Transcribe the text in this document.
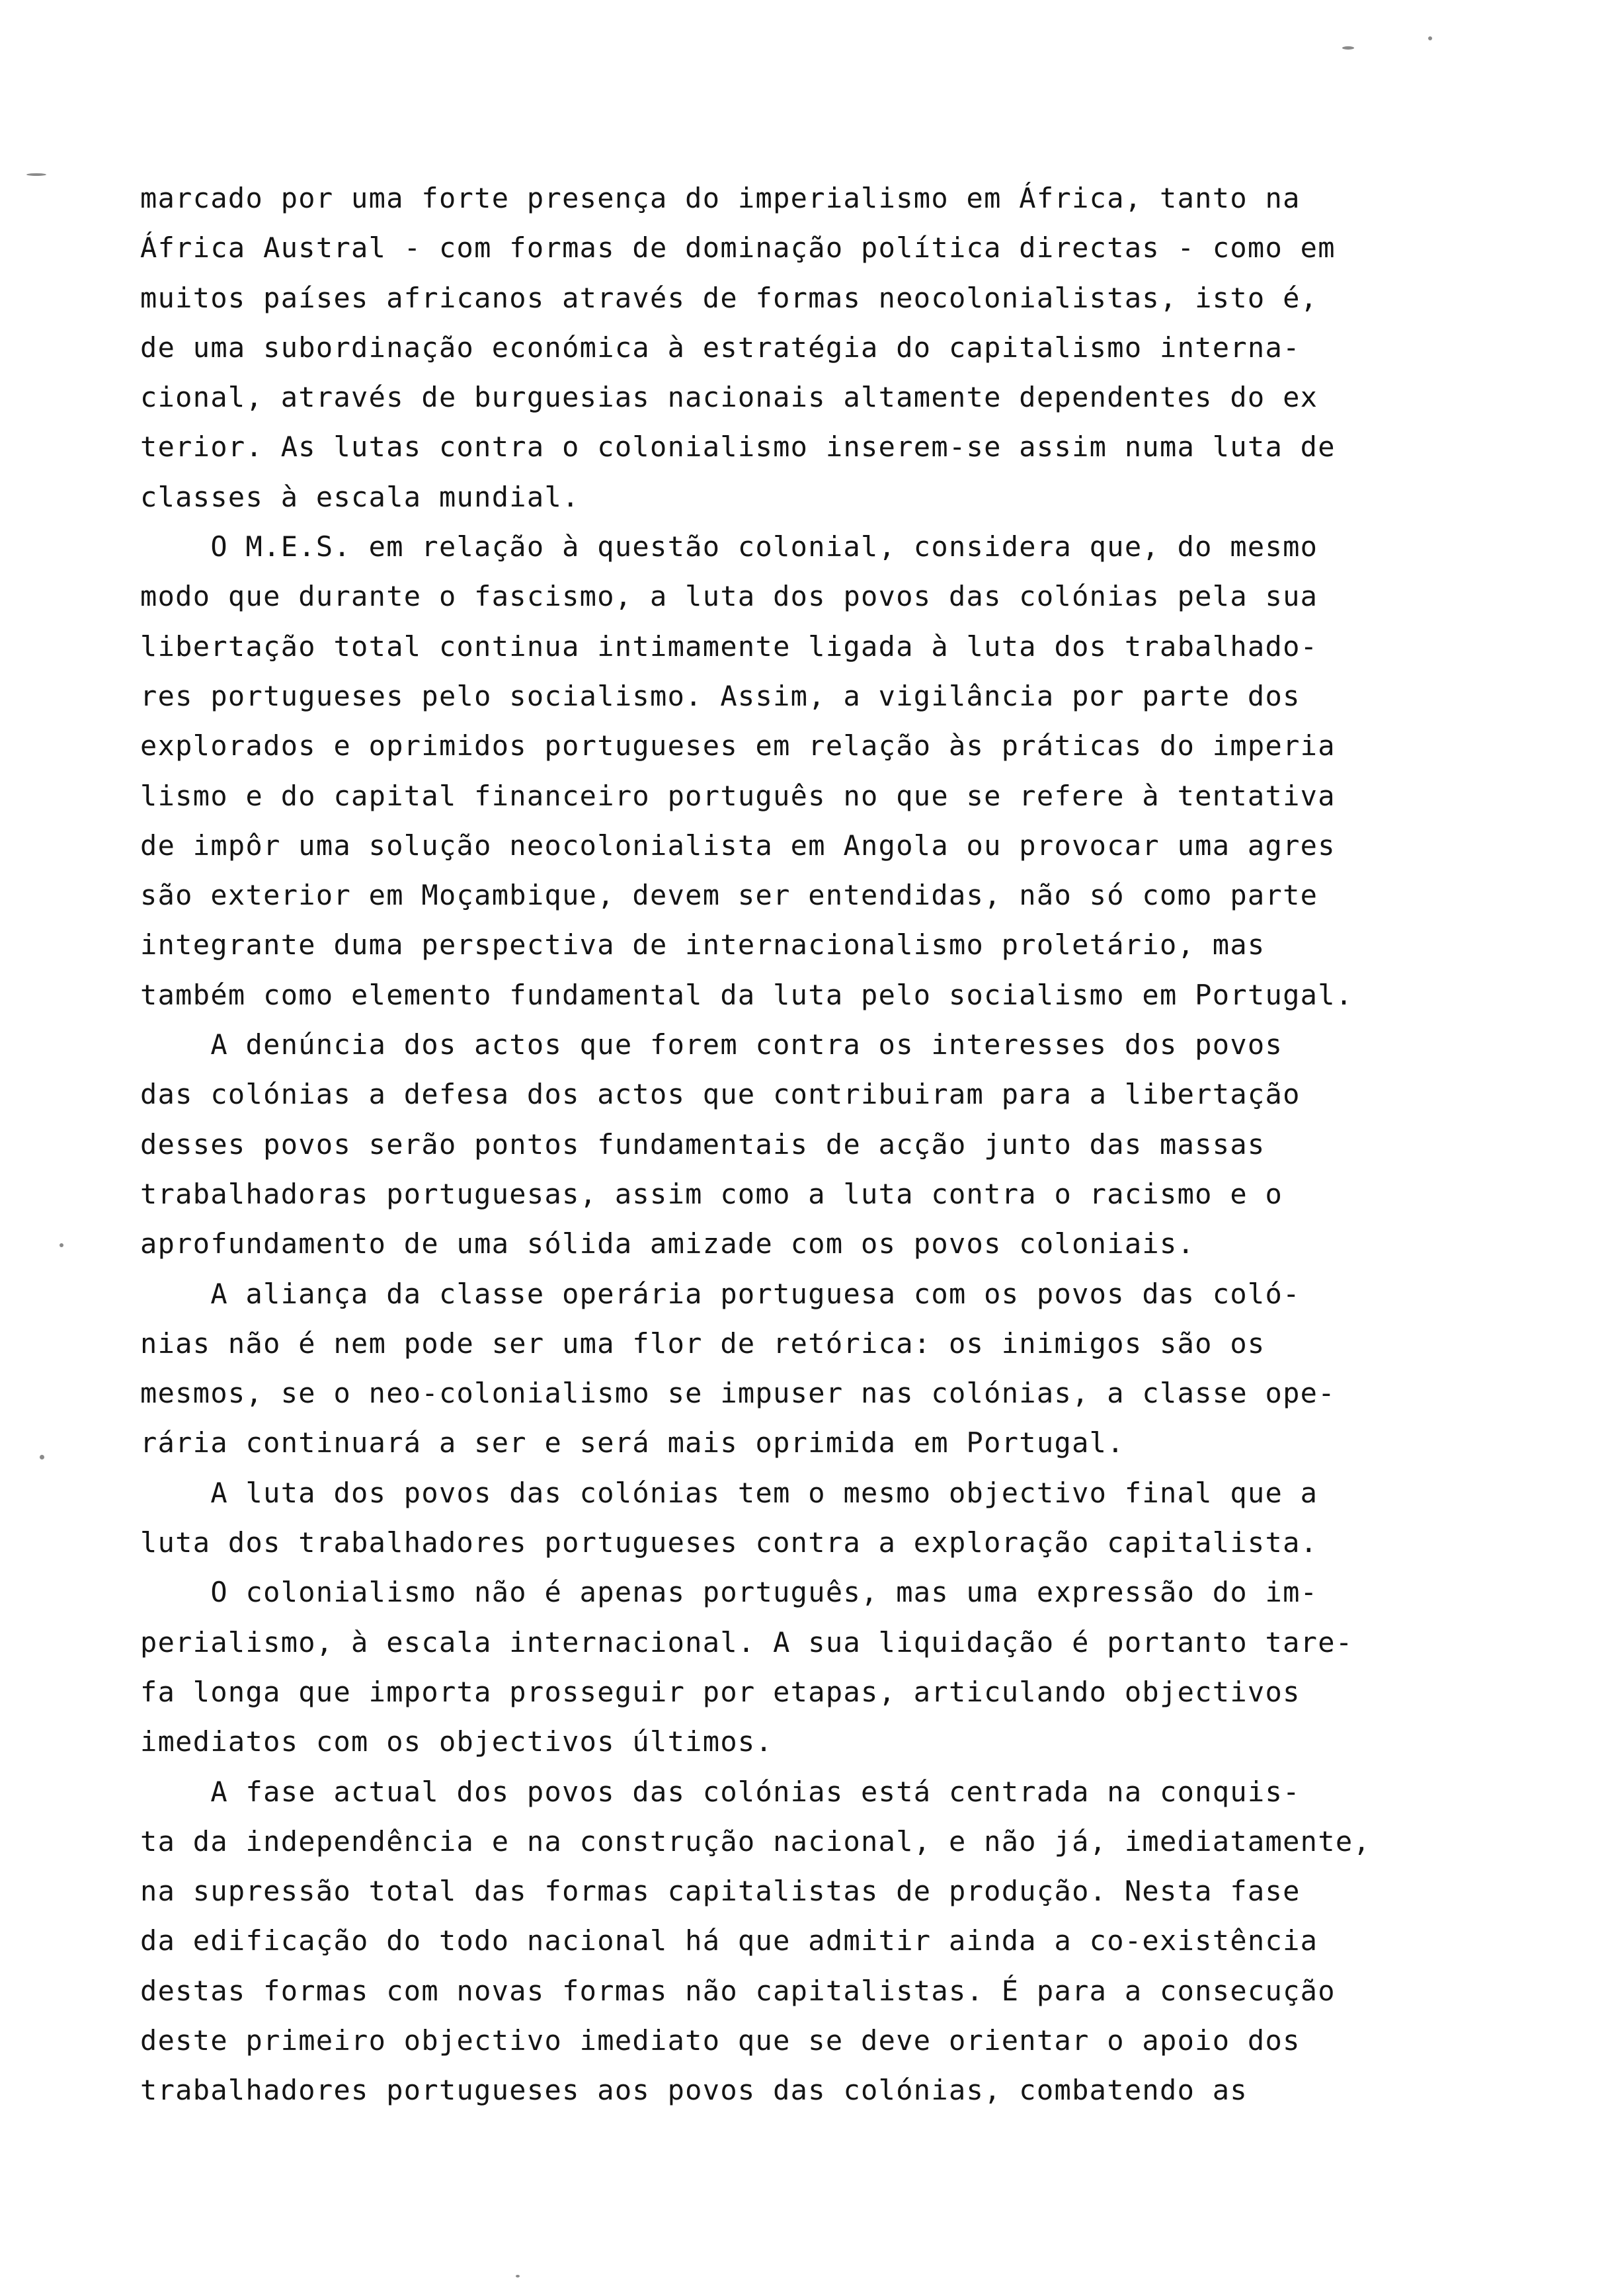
marcado por uma forte presença do imperialismo em África, tanto na
África Austral - com formas de dominação política directas - como em
muitos países africanos através de formas neocolonialistas, isto é,
de uma subordinação económica à estratégia do capitalismo interna-
cional, através de burguesias nacionais altamente dependentes do ex
terior. As lutas contra o colonialismo inserem-se assim numa luta de
classes à escala mundial.
O M.E.S. em relação à questão colonial, considera que, do mesmo
modo que durante o fascismo, a luta dos povos das colónias pela sua
libertação total continua intimamente ligada à luta dos trabalhado-
res portugueses pelo socialismo. Assim, a vigilância por parte dos
explorados e oprimidos portugueses em relação às práticas do imperia
lismo e do capital financeiro português no que se refere à tentativa
de impôr uma solução neocolonialista em Angola ou provocar uma agres
são exterior em Moçambique, devem ser entendidas, não só como parte
integrante duma perspectiva de internacionalismo proletário, mas
também como elemento fundamental da luta pelo socialismo em Portugal.
A denúncia dos actos que forem contra os interesses dos povos
das colónias a defesa dos actos que contribuiram para a libertação
desses povos serão pontos fundamentais de acção junto das massas
trabalhadoras portuguesas, assim como a luta contra o racismo e o
aprofundamento de uma sólida amizade com os povos coloniais.
A aliança da classe operária portuguesa com os povos das coló-
nias não é nem pode ser uma flor de retórica: os inimigos são os
mesmos, se o neo-colonialismo se impuser nas colónias, a classe ope-
rária continuará a ser e será mais oprimida em Portugal.
A luta dos povos das colónias tem o mesmo objectivo final que a
luta dos trabalhadores portugueses contra a exploração capitalista.
O colonialismo não é apenas português, mas uma expressão do im-
perialismo, à escala internacional. A sua liquidação é portanto tare-
fa longa que importa prosseguir por etapas, articulando objectivos
imediatos com os objectivos últimos.
A fase actual dos povos das colónias está centrada na conquis-
ta da independência e na construção nacional, e não já, imediatamente,
na supressão total das formas capitalistas de produção. Nesta fase
da edificação do todo nacional há que admitir ainda a co-existência
destas formas com novas formas não capitalistas. É para a consecução
deste primeiro objectivo imediato que se deve orientar o apoio dos
trabalhadores portugueses aos povos das colónias, combatendo as
